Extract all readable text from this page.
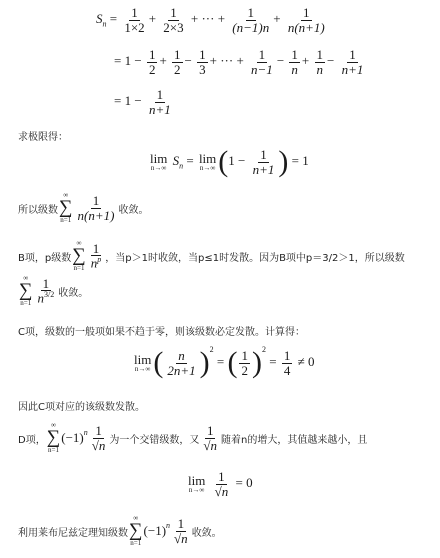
$S_n = \frac{1}{1\times 2} + \frac{1}{2\times 3}$ + ··· + $\frac{1}{(n-1)n} + \frac{1}{n(n+1)}$
= $1 - \frac{1}{2} + \frac{1}{2} - \frac{1}{3}$ + ··· + $\frac{1}{n-1} - \frac{1}{n} + \frac{1}{n} - \frac{1}{n+1}$
= $1 - \frac{1}{n+1}$
求极限得：
lim
n→∞
$S_n = \lim$
n→∞ ($1 - \frac{1}{n+1}$ ) = 1
所以级数
∞
∑
$n=1 \frac{1}{n(n+1)}$ 收敛。
B项，p级数
∞
∑
$n=1 \frac{1}{n^p}$ ，当p＞1时收敛，当p≤1时发散。因为B项中p＝3/2＞1，所以级数
∞
∑
$n=1 \frac{1}{n^{3/2}}$ 收敛。
C项，级数的一般项如果不趋于零，则该级数必定发散。计算得：
lim
n→∞ ( $\frac{n}{2n+1} )^2$ = ( $\frac{1}{2} )^2 = \frac{1}{4} \ne 0$
因此C项对应的该级数发散。
D项，
∞
∑
n=1
$(-1)^n \frac{1}{√n}$ 为一个交错级数，又 $\frac{1}{√n}$ 随着n的增大，其值越来越小，且
lim
n→∞
$\frac{1}{√n} = 0$
利用莱布尼兹定理知级数
∞
∑
n=1
$(-1)^n \frac{1}{√n}$ 收敛。
